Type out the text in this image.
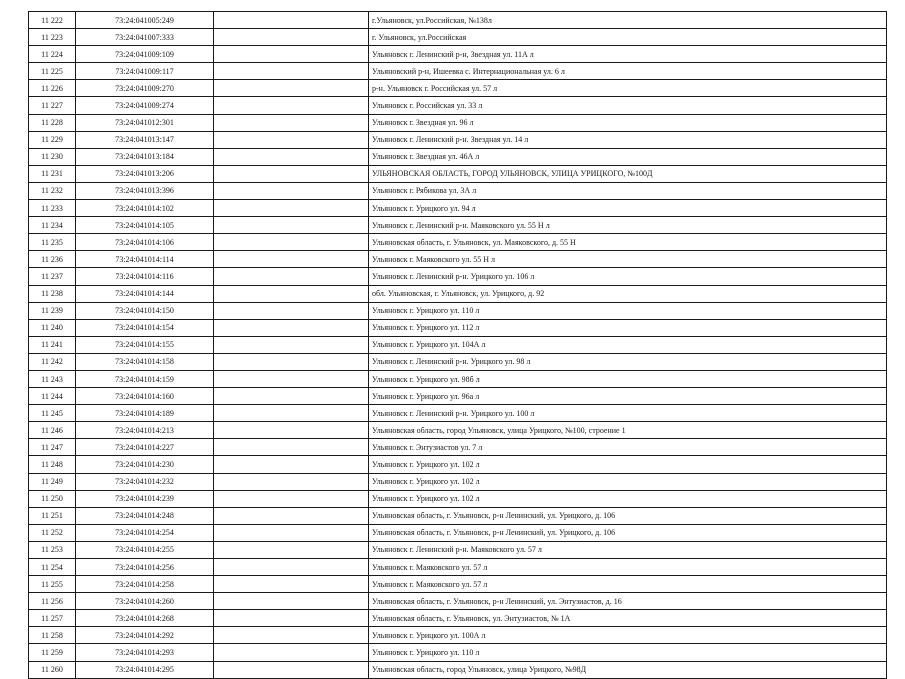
11 222	73:24:041005:249		г.Ульяновск, ул.Российская, №138л
11 223	73:24:041007:333		г. Ульяновск, ул.Российская
11 224	73:24:041009:109		Ульяновск г. Ленинский р-н, Звездная ул. 11А л
11 225	73:24:041009:117		Ульяновский р-н, Ишеевка с. Интернациональная ул. 6 л
11 226	73:24:041009:270		р-н. Ульяновск г. Российская ул. 57 л
11 227	73:24:041009:274		Ульяновск г. Российская ул. 33 л
11 228	73:24:041012:301		Ульяновск г. Звездная ул. 96 л
11 229	73:24:041013:147		Ульяновск г. Ленинский р-н. Звездная ул. 14 л
11 230	73:24:041013:184		Ульяновск г. Звездная ул. 46А л
11 231	73:24:041013:206		УЛЬЯНОВСКАЯ ОБЛАСТЬ, ГОРОД УЛЬЯНОВСК, УЛИЦА УРИЦКОГО, №100Д
11 232	73:24:041013:396		Ульяновск г. Рябикова ул. 3А л
11 233	73:24:041014:102		Ульяновск г. Урицкого ул. 94 л
11 234	73:24:041014:105		Ульяновск г. Ленинский р-н. Маяковского ул. 55 Н л
11 235	73:24:041014:106		Ульяновская область, г. Ульяновск, ул. Маяковского, д. 55 Н
11 236	73:24:041014:114		Ульяновск г. Маяковского ул. 55 Н л
11 237	73:24:041014:116		Ульяновск г. Ленинский р-н. Урицкого ул. 106 л
11 238	73:24:041014:144		обл. Ульяновская, г. Ульяновск, ул. Урицкого, д. 92
11 239	73:24:041014:150		Ульяновск г. Урицкого ул. 110 л
11 240	73:24:041014:154		Ульяновск г. Урицкого ул. 112 л
11 241	73:24:041014:155		Ульяновск г. Урицкого ул. 104А л
11 242	73:24:041014:158		Ульяновск г. Ленинский р-н. Урицкого ул. 98 л
11 243	73:24:041014:159		Ульяновск г. Урицкого ул. 98б л
11 244	73:24:041014:160		Ульяновск г. Урицкого ул. 96а л
11 245	73:24:041014:189		Ульяновск г. Ленинский р-н. Урицкого ул. 100 л
11 246	73:24:041014:213		Ульяновская область, город Ульяновск, улица Урицкого, №100, строение 1
11 247	73:24:041014:227		Ульяновск г. Энтузиастов ул. 7 л
11 248	73:24:041014:230		Ульяновск г. Урицкого ул. 102 л
11 249	73:24:041014:232		Ульяновск г. Урицкого ул. 102 л
11 250	73:24:041014:239		Ульяновск г. Урицкого ул. 102 л
11 251	73:24:041014:248		Ульяновская область, г. Ульяновск, р-н Ленинский, ул. Урицкого, д. 106
11 252	73:24:041014:254		Ульяновская область, г. Ульяновск, р-н Ленинский, ул. Урицкого, д. 106
11 253	73:24:041014:255		Ульяновск г. Ленинский р-н. Маяковского ул. 57 л
11 254	73:24:041014:256		Ульяновск г. Маяковского ул. 57 л
11 255	73:24:041014:258		Ульяновск г. Маяковского ул. 57 л
11 256	73:24:041014:260		Ульяновская область, г. Ульяновск, р-н Ленинский, ул. Энтузиастов, д. 16
11 257	73:24:041014:268		Ульяновская область, г. Ульяновск, ул. Энтузиастов, № 1А
11 258	73:24:041014:292		Ульяновск г. Урицкого ул. 100А л
11 259	73:24:041014:293		Ульяновск г. Урицкого ул. 110 л
11 260	73:24:041014:295		Ульяновская область, город Ульяновск, улица Урицкого, №98Д
